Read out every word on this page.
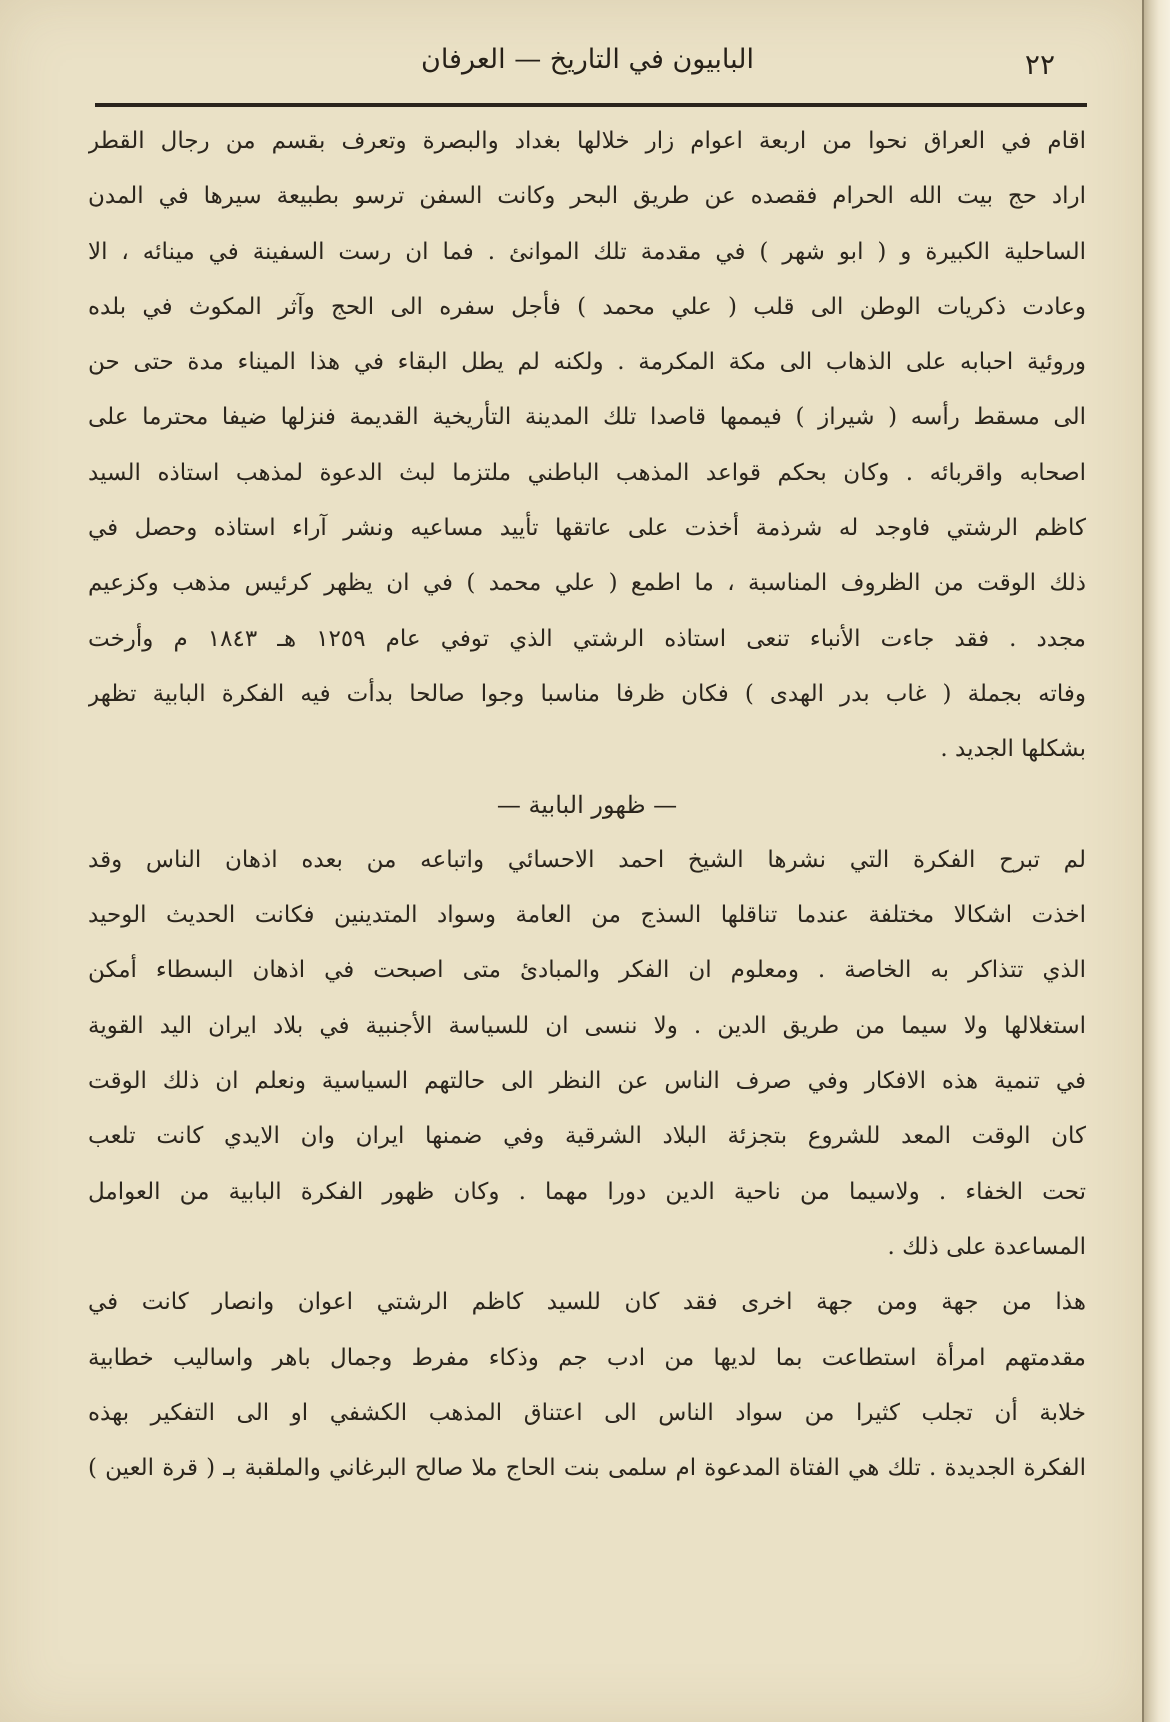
٢٢
البابيون في التاريخ — العرفان
اقام في العراق نحوا من اربعة اعوام زار خلالها بغداد والبصرة وتعرف بقسم من رجال القطر
اراد حج بيت الله الحرام فقصده عن طريق البحر وكانت السفن ترسو بطبيعة سيرها في المدن
الساحلية الكبيرة و ( ابو شهر ) في مقدمة تلك الموانئ . فما ان رست السفينة في مينائه ، الا
وعادت ذكريات الوطن الى قلب ( علي محمد ) فأجل سفره الى الحج وآثر المكوث في بلده
وروئية احبابه على الذهاب الى مكة المكرمة . ولكنه لم يطل البقاء في هذا الميناء مدة حتى حن
الى مسقط رأسه ( شيراز ) فيممها قاصدا تلك المدينة التأريخية القديمة فنزلها ضيفا محترما على
اصحابه واقربائه . وكان بحكم قواعد المذهب الباطني ملتزما لبث الدعوة لمذهب استاذه السيد
كاظم الرشتي فاوجد له شرذمة أخذت على عاتقها تأييد مساعيه ونشر آراء استاذه وحصل في
ذلك الوقت من الظروف المناسبة ، ما اطمع ( علي محمد ) في ان يظهر كرئيس مذهب وكزعيم
مجدد . فقد جاءت الأنباء تنعى استاذه الرشتي الذي توفي عام ١٢٥٩ هـ ١٨٤٣ م وأرخت
وفاته بجملة ( غاب بدر الهدى ) فكان ظرفا مناسبا وجوا صالحا بدأت فيه الفكرة البابية تظهر
بشكلها الجديد .
— ظهور البابية —
لم تبرح الفكرة التي نشرها الشيخ احمد الاحسائي واتباعه من بعده اذهان الناس وقد
اخذت اشكالا مختلفة عندما تناقلها السذج من العامة وسواد المتدينين فكانت الحديث الوحيد
الذي تتذاكر به الخاصة . ومعلوم ان الفكر والمبادئ متى اصبحت في اذهان البسطاء أمكن
استغلالها ولا سيما من طريق الدين . ولا ننسى ان للسياسة الأجنبية في بلاد ايران اليد القوية
في تنمية هذه الافكار وفي صرف الناس عن النظر الى حالتهم السياسية ونعلم ان ذلك الوقت
كان الوقت المعد للشروع بتجزئة البلاد الشرقية وفي ضمنها ايران وان الايدي كانت تلعب
تحت الخفاء . ولاسيما من ناحية الدين دورا مهما . وكان ظهور الفكرة البابية من العوامل
المساعدة على ذلك .
هذا من جهة ومن جهة اخرى فقد كان للسيد كاظم الرشتي اعوان وانصار كانت في
مقدمتهم امرأة استطاعت بما لديها من ادب جم وذكاء مفرط وجمال باهر واساليب خطابية
خلابة أن تجلب كثيرا من سواد الناس الى اعتناق المذهب الكشفي او الى التفكير بهذه
الفكرة الجديدة . تلك هي الفتاة المدعوة ام سلمى بنت الحاج ملا صالح البرغاني والملقبة بـ ( قرة العين )
